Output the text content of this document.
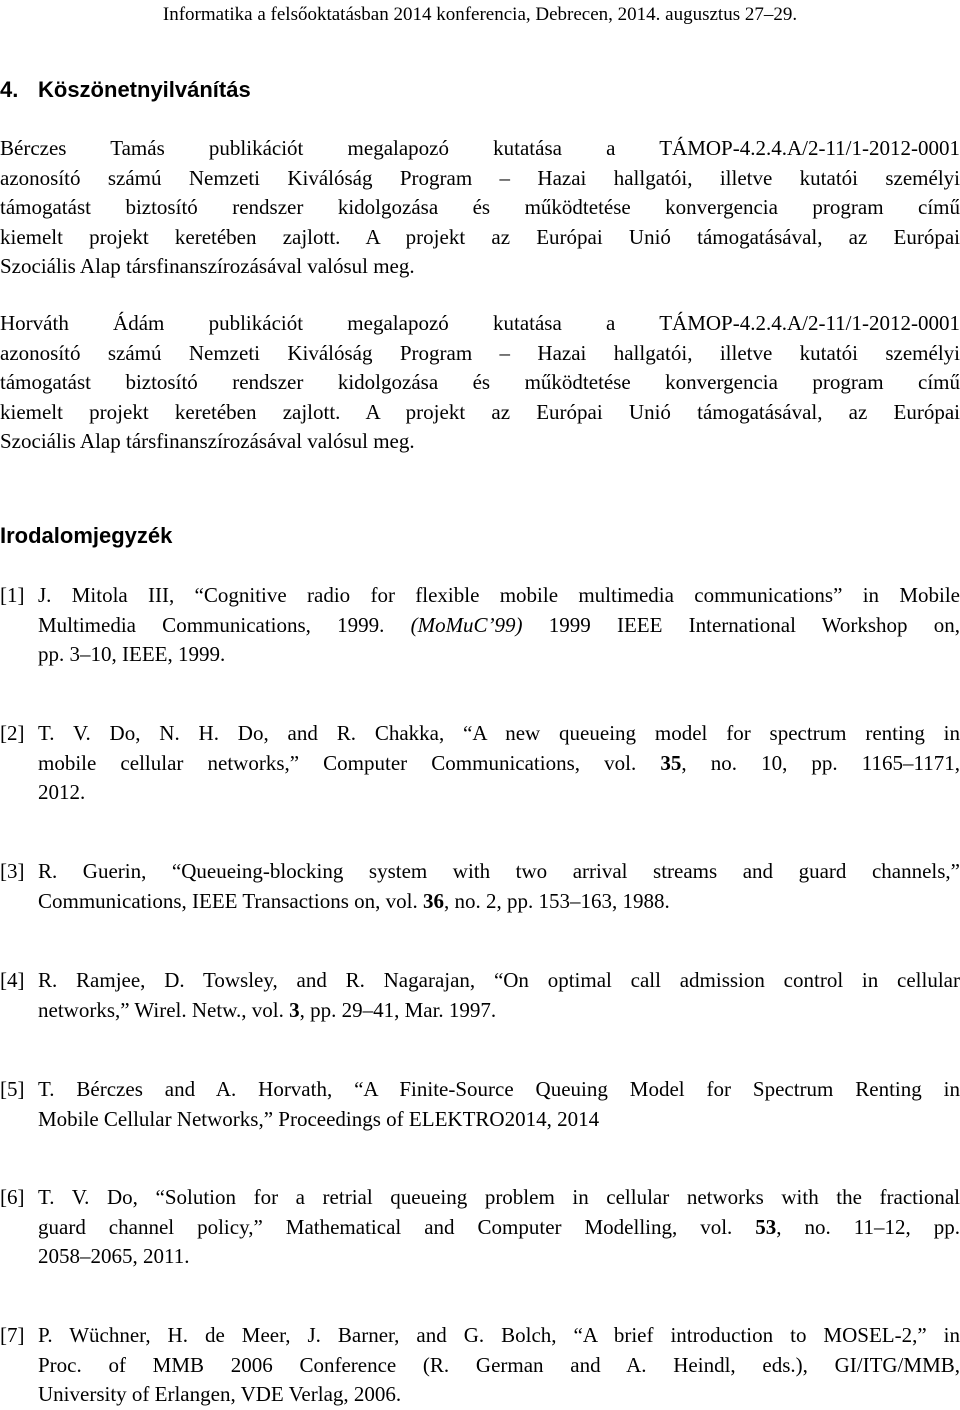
Informatika a felsőoktatásban 2014 konferencia, Debrecen, 2014. augusztus 27–29.
4. Köszönetnyilvánítás
Bérczes Tamás publikációt megalapozó kutatása a TÁMOP-4.2.4.A/2-11/1-2012-0001
azonosító számú Nemzeti Kiválóság Program – Hazai hallgatói, illetve kutatói személyi
támogatást biztosító rendszer kidolgozása és működtetése konvergencia program című
kiemelt projekt keretében zajlott. A projekt az Európai Unió támogatásával, az Európai
Szociális Alap társfinanszírozásával valósul meg.
Horváth Ádám publikációt megalapozó kutatása a TÁMOP-4.2.4.A/2-11/1-2012-0001
azonosító számú Nemzeti Kiválóság Program – Hazai hallgatói, illetve kutatói személyi
támogatást biztosító rendszer kidolgozása és működtetése konvergencia program című
kiemelt projekt keretében zajlott. A projekt az Európai Unió támogatásával, az Európai
Szociális Alap társfinanszírozásával valósul meg.
Irodalomjegyzék
[1] J. Mitola III, “Cognitive radio for flexible mobile multimedia communications” in Mobile
Multimedia Communications, 1999. (MoMuC’99) 1999 IEEE International Workshop on,
pp. 3–10, IEEE, 1999.
[2] T. V. Do, N. H. Do, and R. Chakka, “A new queueing model for spectrum renting in
mobile cellular networks,” Computer Communications, vol. 35, no. 10, pp. 1165–1171,
2012.
[3] R. Guerin, “Queueing-blocking system with two arrival streams and guard channels,”
Communications, IEEE Transactions on, vol. 36, no. 2, pp. 153–163, 1988.
[4] R. Ramjee, D. Towsley, and R. Nagarajan, “On optimal call admission control in cellular
networks,” Wirel. Netw., vol. 3, pp. 29–41, Mar. 1997.
[5] T. Bérczes and A. Horvath, “A Finite-Source Queuing Model for Spectrum Renting in
Mobile Cellular Networks,” Proceedings of ELEKTRO2014, 2014
[6] T. V. Do, “Solution for a retrial queueing problem in cellular networks with the fractional
guard channel policy,” Mathematical and Computer Modelling, vol. 53, no. 11–12, pp.
2058–2065, 2011.
[7] P. Wüchner, H. de Meer, J. Barner, and G. Bolch, “A brief introduction to MOSEL-2,” in
Proc. of MMB 2006 Conference (R. German and A. Heindl, eds.), GI/ITG/MMB,
University of Erlangen, VDE Verlag, 2006.
